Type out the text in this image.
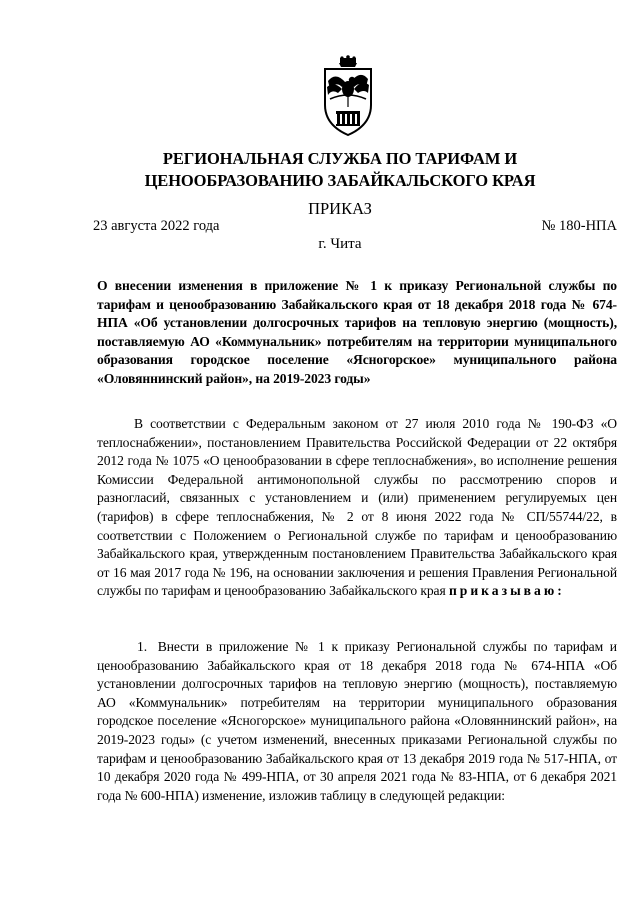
РЕГИОНАЛЬНАЯ СЛУЖБА ПО ТАРИФАМ И
ЦЕНООБРАЗОВАНИЮ ЗАБАЙКАЛЬСКОГО КРАЯ
ПРИКАЗ
23 августа 2022 года	№ 180-НПА
г. Чита
О внесении изменения в приложение № 1 к приказу Региональной службы по тарифам и ценообразованию Забайкальского края от 18 декабря 2018 года № 674-НПА «Об установлении долгосрочных тарифов на тепловую энергию (мощность), поставляемую АО «Коммунальник» потребителям на территории муниципального образования городское поселение «Ясногорское» муниципального района «Оловяннинский район», на 2019-2023 годы»
В соответствии с Федеральным законом от 27 июля 2010 года № 190-ФЗ «О теплоснабжении», постановлением Правительства Российской Федерации от 22 октября 2012 года № 1075 «О ценообразовании в сфере теплоснабжения», во исполнение решения Комиссии Федеральной антимонопольной службы по рассмотрению споров и разногласий, связанных с установлением и (или) применением регулируемых цен (тарифов) в сфере теплоснабжения, № 2 от 8 июня 2022 года № СП/55744/22, в соответствии с Положением о Региональной службе по тарифам и ценообразованию Забайкальского края, утвержденным постановлением Правительства Забайкальского края от 16 мая 2017 года № 196, на основании заключения и решения Правления Региональной службы по тарифам и ценообразованию Забайкальского края приказываю:
1. Внести в приложение № 1 к приказу Региональной службы по тарифам и ценообразованию Забайкальского края от 18 декабря 2018 года № 674-НПА «Об установлении долгосрочных тарифов на тепловую энергию (мощность), поставляемую АО «Коммунальник» потребителям на территории муниципального образования городское поселение «Ясногорское» муниципального района «Оловяннинский район», на 2019-2023 годы» (с учетом изменений, внесенных приказами Региональной службы по тарифам и ценообразованию Забайкальского края от 13 декабря 2019 года № 517-НПА, от 10 декабря 2020 года № 499-НПА, от 30 апреля 2021 года № 83-НПА, от 6 декабря 2021 года № 600-НПА) изменение, изложив таблицу в следующей редакции:
